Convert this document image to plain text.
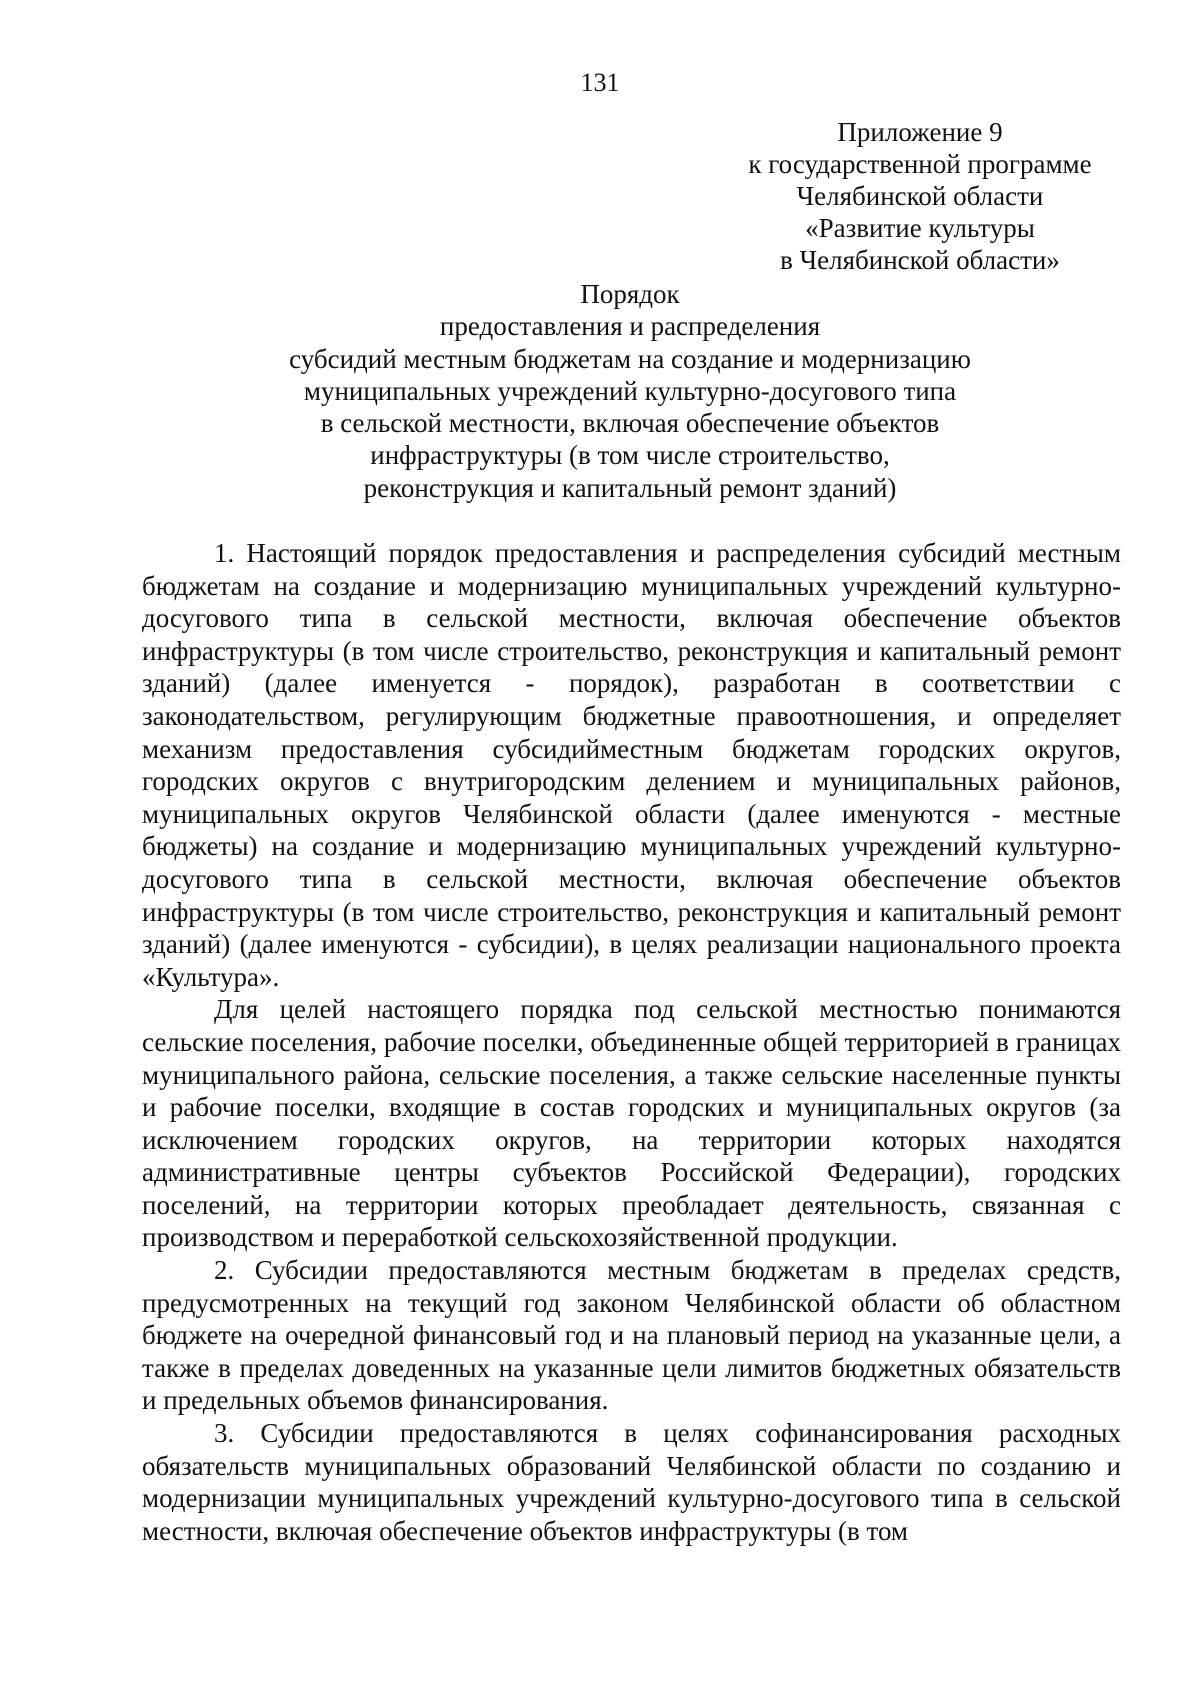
131
Приложение 9
к государственной программе
Челябинской области
«Развитие культуры
в Челябинской области»
Порядок
предоставления и распределения
субсидий местным бюджетам на создание и модернизацию
муниципальных учреждений культурно-досугового типа
в сельской местности, включая обеспечение объектов
инфраструктуры (в том числе строительство,
реконструкция и капитальный ремонт зданий)

1. Настоящий порядок предоставления и распределения субсидий местным бюджетам на создание и модернизацию муниципальных учреждений культурно-досугового типа в сельской местности, включая обеспечение объектов инфраструктуры (в том числе строительство, реконструкция и капитальный ремонт зданий) (далее именуется - порядок), разработан в соответствии с законодательством, регулирующим бюджетные правоотношения, и определяет механизм предоставления субсидийместным бюджетам городских округов, городских округов с внутригородским делением и муниципальных районов, муниципальных округов Челябинской области (далее именуются - местные бюджеты) на создание и модернизацию муниципальных учреждений культурно-досугового типа в сельской местности, включая обеспечение объектов инфраструктуры (в том числе строительство, реконструкция и капитальный ремонт зданий) (далее именуются - субсидии), в целях реализации национального проекта «Культура».

Для целей настоящего порядка под сельской местностью понимаются сельские поселения, рабочие поселки, объединенные общей территорией в границах муниципального района, сельские поселения, а также сельские населенные пункты и рабочие поселки, входящие в состав городских и муниципальных округов (за исключением городских округов, на территории которых находятся административные центры субъектов Российской Федерации), городских поселений, на территории которых преобладает деятельность, связанная с производством и переработкой сельскохозяйственной продукции.

2. Субсидии предоставляются местным бюджетам в пределах средств, предусмотренных на текущий год законом Челябинской области об областном бюджете на очередной финансовый год и на плановый период на указанные цели, а также в пределах доведенных на указанные цели лимитов бюджетных обязательств и предельных объемов финансирования.

3. Субсидии предоставляются в целях софинансирования расходных обязательств муниципальных образований Челябинской области по созданию и модернизации муниципальных учреждений культурно-досугового типа в сельской местности, включая обеспечение объектов инфраструктуры (в том
